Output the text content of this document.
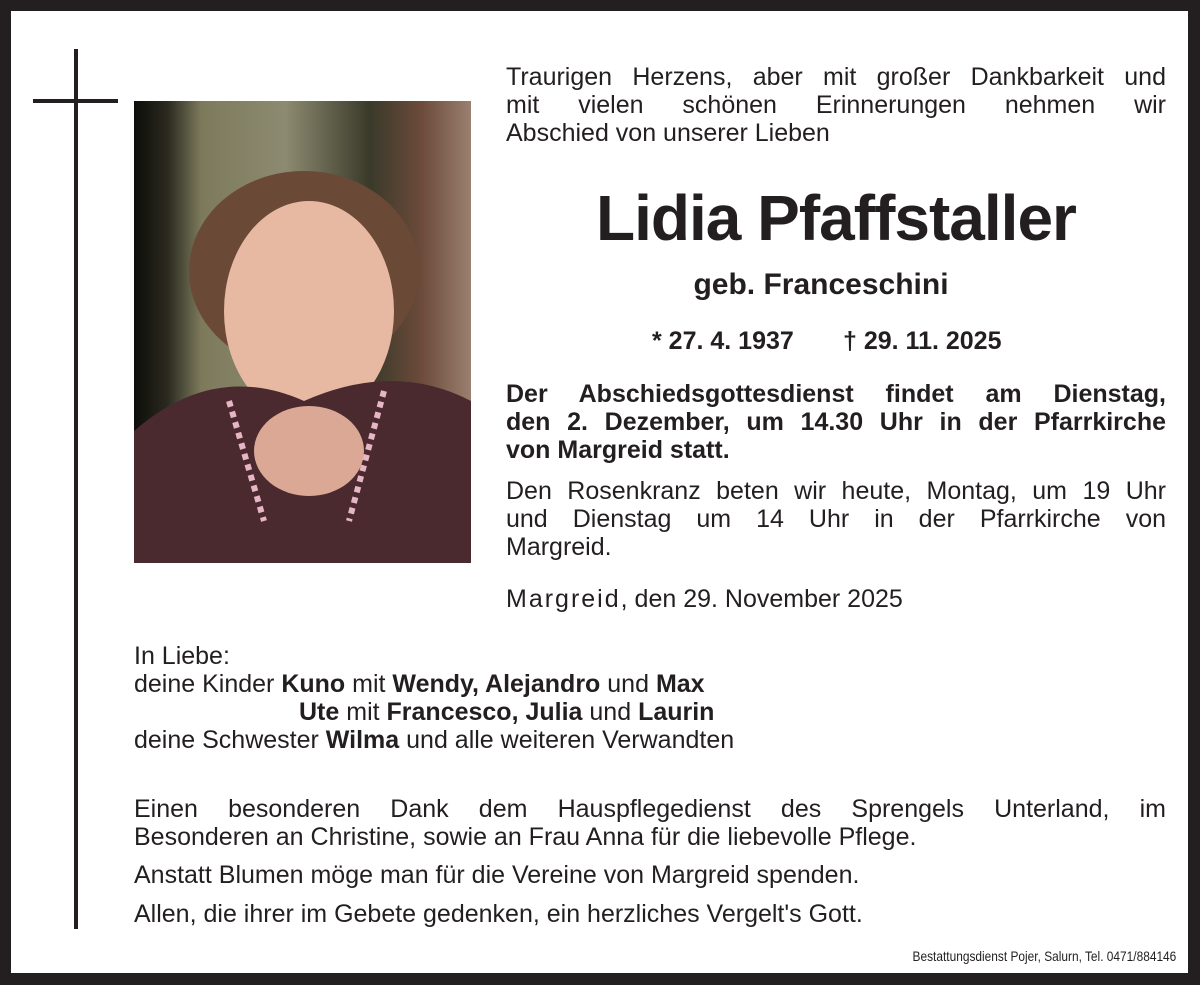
Traurigen Herzens, aber mit großer Dankbarkeit und
mit vielen schönen Erinnerungen nehmen wir
Abschied von unserer Lieben
Lidia Pfaffstaller
geb. Franceschini
* 27. 4. 1937 † 29. 11. 2025
Der Abschiedsgottesdienst findet am Dienstag,
den 2. Dezember, um 14.30 Uhr in der Pfarrkirche
von Margreid statt.
Den Rosenkranz beten wir heute, Montag, um 19 Uhr
und Dienstag um 14 Uhr in der Pfarrkirche von
Margreid.
Margreid, den 29. November 2025
In Liebe:
deine Kinder Kuno mit Wendy, Alejandro und Max
Ute mit Francesco, Julia und Laurin
deine Schwester Wilma und alle weiteren Verwandten
Einen besonderen Dank dem Hauspflegedienst des Sprengels Unterland, im
Besonderen an Christine, sowie an Frau Anna für die liebevolle Pflege.
Anstatt Blumen möge man für die Vereine von Margreid spenden.
Allen, die ihrer im Gebete gedenken, ein herzliches Vergelt's Gott.
Bestattungsdienst Pojer, Salurn, Tel. 0471/884146
